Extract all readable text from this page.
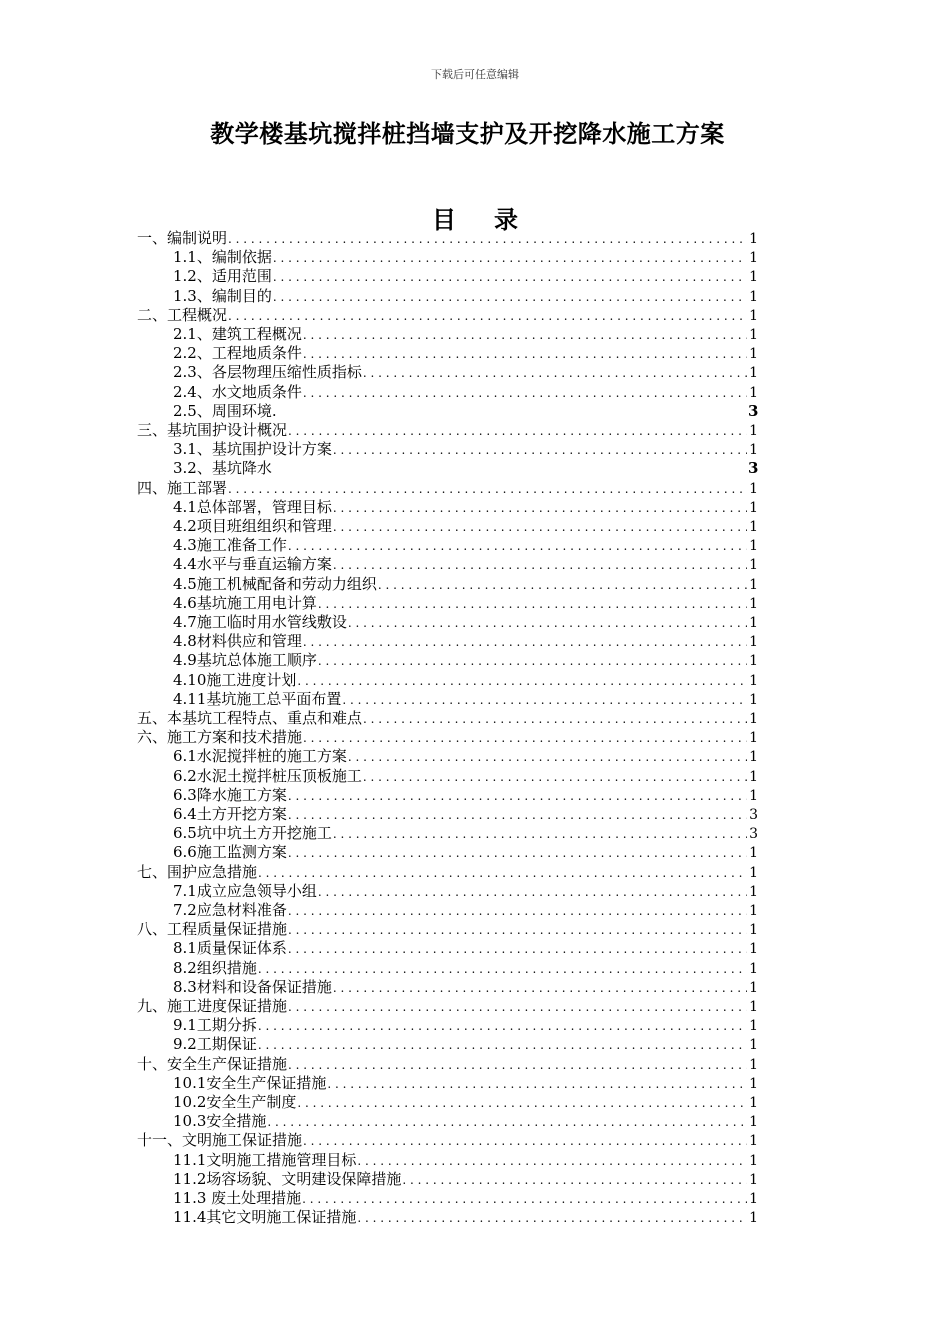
下载后可任意编辑
教学楼基坑搅拌桩挡墙支护及开挖降水施工方案
目录
一、编制说明 . . .	1
1.1、编制依据 . . .	1
1.2、适用范围 . . .	1
1.3、编制目的 . . .	1
二、工程概况 . . .	1
2.1、建筑工程概况 . . .	1
2.2、工程地质条件 . . .	1
2.3、各层物理压缩性质指标 . . .	1
2.4、水文地质条件 . . .	1
2.5、周围环境.	3
三、基坑围护设计概况 . . .	1
3.1、基坑围护设计方案 . . .	1
3.2、基坑降水	3
四、施工部署 . . .	1
4.1总体部署，管理目标 . . .	1
4.2项目班组组织和管理 . . .	1
4.3施工准备工作 . . .	1
4.4水平与垂直运输方案 . . .	1
4.5施工机械配备和劳动力组织 . . .	1
4.6基坑施工用电计算 . . .	1
4.7施工临时用水管线敷设 . . .	1
4.8材料供应和管理 . . .	1
4.9基坑总体施工顺序 . . .	1
4.10施工进度计划 . . .	1
4.11基坑施工总平面布置 . . .	1
五、本基坑工程特点、重点和难点 . . .	1
六、施工方案和技术措施 . . .	1
6.1水泥搅拌桩的施工方案 . . .	1
6.2水泥土搅拌桩压顶板施工 . . .	1
6.3降水施工方案 . . .	1
6.4土方开挖方案 . . .	3
6.5坑中坑土方开挖施工 . . .	3
6.6施工监测方案 . . .	1
七、围护应急措施 . . .	1
7.1成立应急领导小组 . . .	1
7.2应急材料准备 . . .	1
八、工程质量保证措施 . . .	1
8.1质量保证体系 . . .	1
8.2组织措施 . . .	1
8.3材料和设备保证措施 . . .	1
九、施工进度保证措施 . . .	1
9.1工期分拆 . . .	1
9.2工期保证 . . .	1
十、安全生产保证措施 . . .	1
10.1安全生产保证措施 . . .	1
10.2安全生产制度 . . .	1
10.3安全措施 . . .	1
十一、文明施工保证措施 . . .	1
11.1文明施工措施管理目标 . . .	1
11.2场容场貌、文明建设保障措施 . . .	1
11.3 废土处理措施 . . .	1
11.4其它文明施工保证措施 . . .	1
